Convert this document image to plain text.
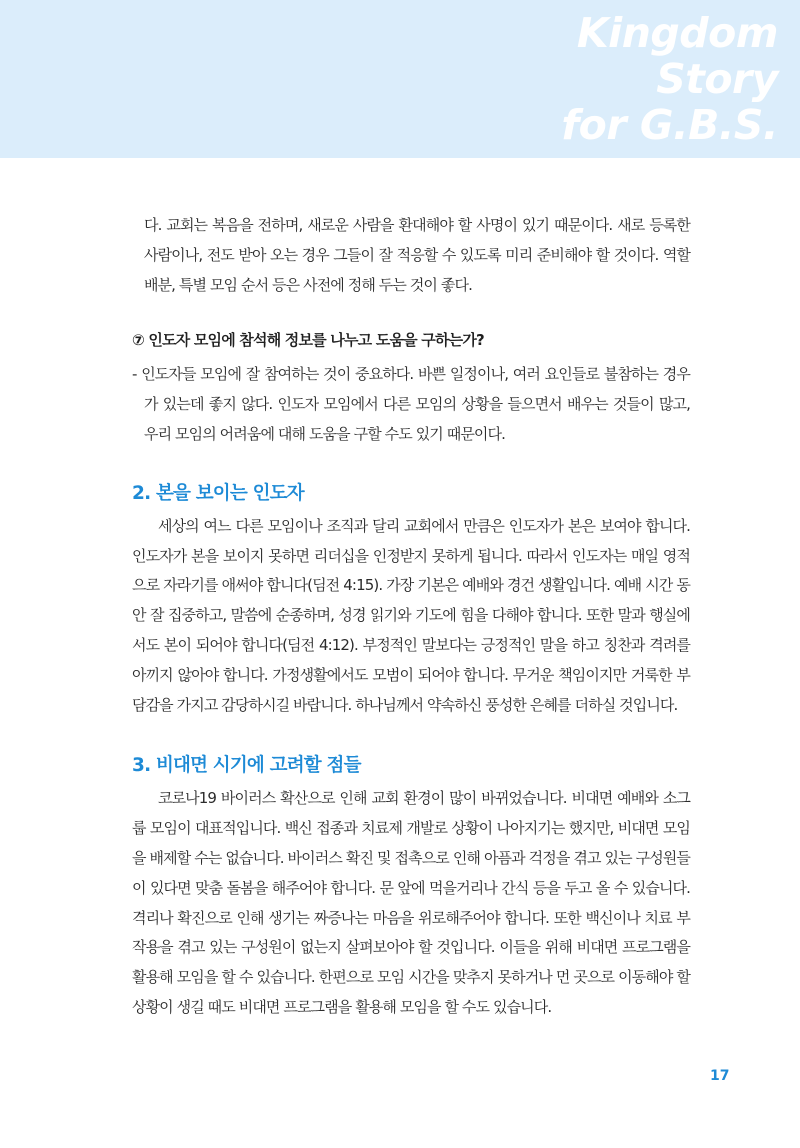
Kingdom
Story
for G.B.S.

다. 교회는 복음을 전하며, 새로운 사람을 환대해야 할 사명이 있기 때문이다. 새로 등록한 사람이나, 전도 받아 오는 경우 그들이 잘 적응할 수 있도록 미리 준비해야 할 것이다. 역할 배분, 특별 모임 순서 등은 사전에 정해 두는 것이 좋다.

⑦ 인도자 모임에 참석해 정보를 나누고 도움을 구하는가?

- 인도자들 모임에 잘 참여하는 것이 중요하다. 바쁜 일정이나, 여러 요인들로 불참하는 경우가 있는데 좋지 않다. 인도자 모임에서 다른 모임의 상황을 들으면서 배우는 것들이 많고, 우리 모임의 어려움에 대해 도움을 구할 수도 있기 때문이다.

2. 본을 보이는 인도자

세상의 여느 다른 모임이나 조직과 달리 교회에서 만큼은 인도자가 본은 보여야 합니다. 인도자가 본을 보이지 못하면 리더십을 인정받지 못하게 됩니다. 따라서 인도자는 매일 영적으로 자라기를 애써야 합니다(딤전 4:15). 가장 기본은 예배와 경건 생활입니다. 예배 시간 동안 잘 집중하고, 말씀에 순종하며, 성경 읽기와 기도에 힘을 다해야 합니다. 또한 말과 행실에서도 본이 되어야 합니다(딤전 4:12). 부정적인 말보다는 긍정적인 말을 하고 칭찬과 격려를 아끼지 않아야 합니다. 가정생활에서도 모범이 되어야 합니다. 무거운 책임이지만 거룩한 부담감을 가지고 감당하시길 바랍니다. 하나님께서 약속하신 풍성한 은혜를 더하실 것입니다.

3. 비대면 시기에 고려할 점들

코로나19 바이러스 확산으로 인해 교회 환경이 많이 바뀌었습니다. 비대면 예배와 소그룹 모임이 대표적입니다. 백신 접종과 치료제 개발로 상황이 나아지기는 했지만, 비대면 모임을 배제할 수는 없습니다. 바이러스 확진 및 접촉으로 인해 아픔과 걱정을 겪고 있는 구성원들이 있다면 맞춤 돌봄을 해주어야 합니다. 문 앞에 먹을거리나 간식 등을 두고 올 수 있습니다. 격리나 확진으로 인해 생기는 짜증나는 마음을 위로해주어야 합니다. 또한 백신이나 치료 부작용을 겪고 있는 구성원이 없는지 살펴보아야 할 것입니다. 이들을 위해 비대면 프로그램을 활용해 모임을 할 수 있습니다. 한편으로 모임 시간을 맞추지 못하거나 먼 곳으로 이동해야 할 상황이 생길 때도 비대면 프로그램을 활용해 모임을 할 수도 있습니다.

17
